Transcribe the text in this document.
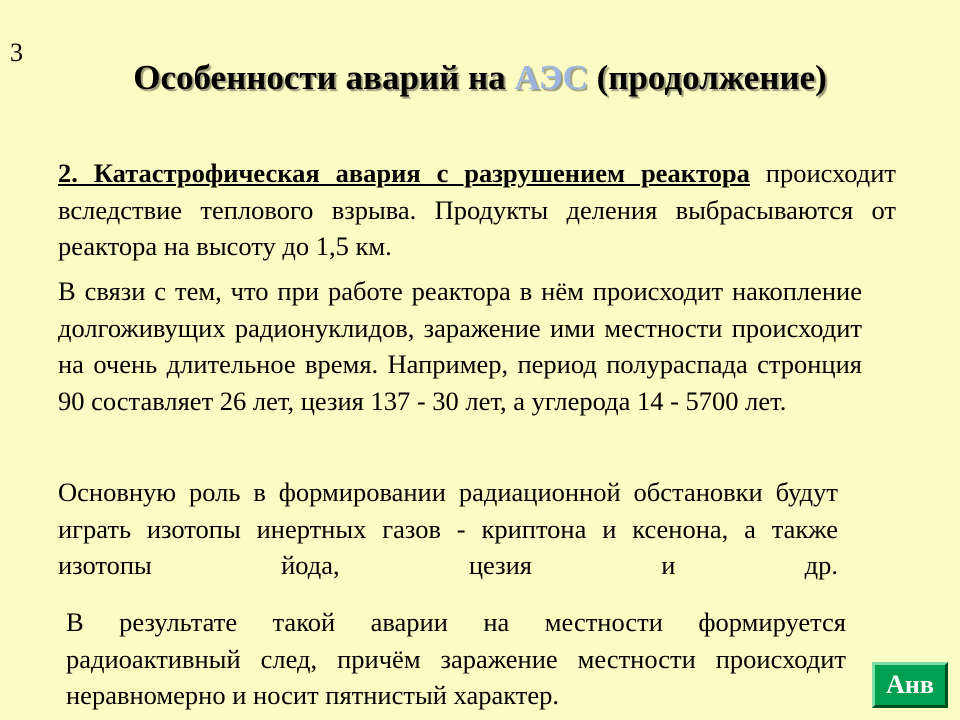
3
Особенности аварий на АЭС (продолжение)

2. Катастрофическая авария с разрушением реактора происходит вследствие теплового взрыва. Продукты деления выбрасываются от реактора на высоту до 1,5 км.

В связи с тем, что при работе реактора в нём происходит накопление долгоживущих радионуклидов, заражение ими местности происходит на очень длительное время. Например, период полураспада стронция 90 составляет 26 лет, цезия 137 - 30 лет, а углерода 14 - 5700 лет.

Основную роль в формировании радиационной обстановки будут играть изотопы инертных газов - криптона и ксенона, а также изотопы йода, цезия и др.

В результате такой аварии на местности формируется радиоактивный след, причём заражение местности происходит неравномерно и носит пятнистый характер.	Анв
